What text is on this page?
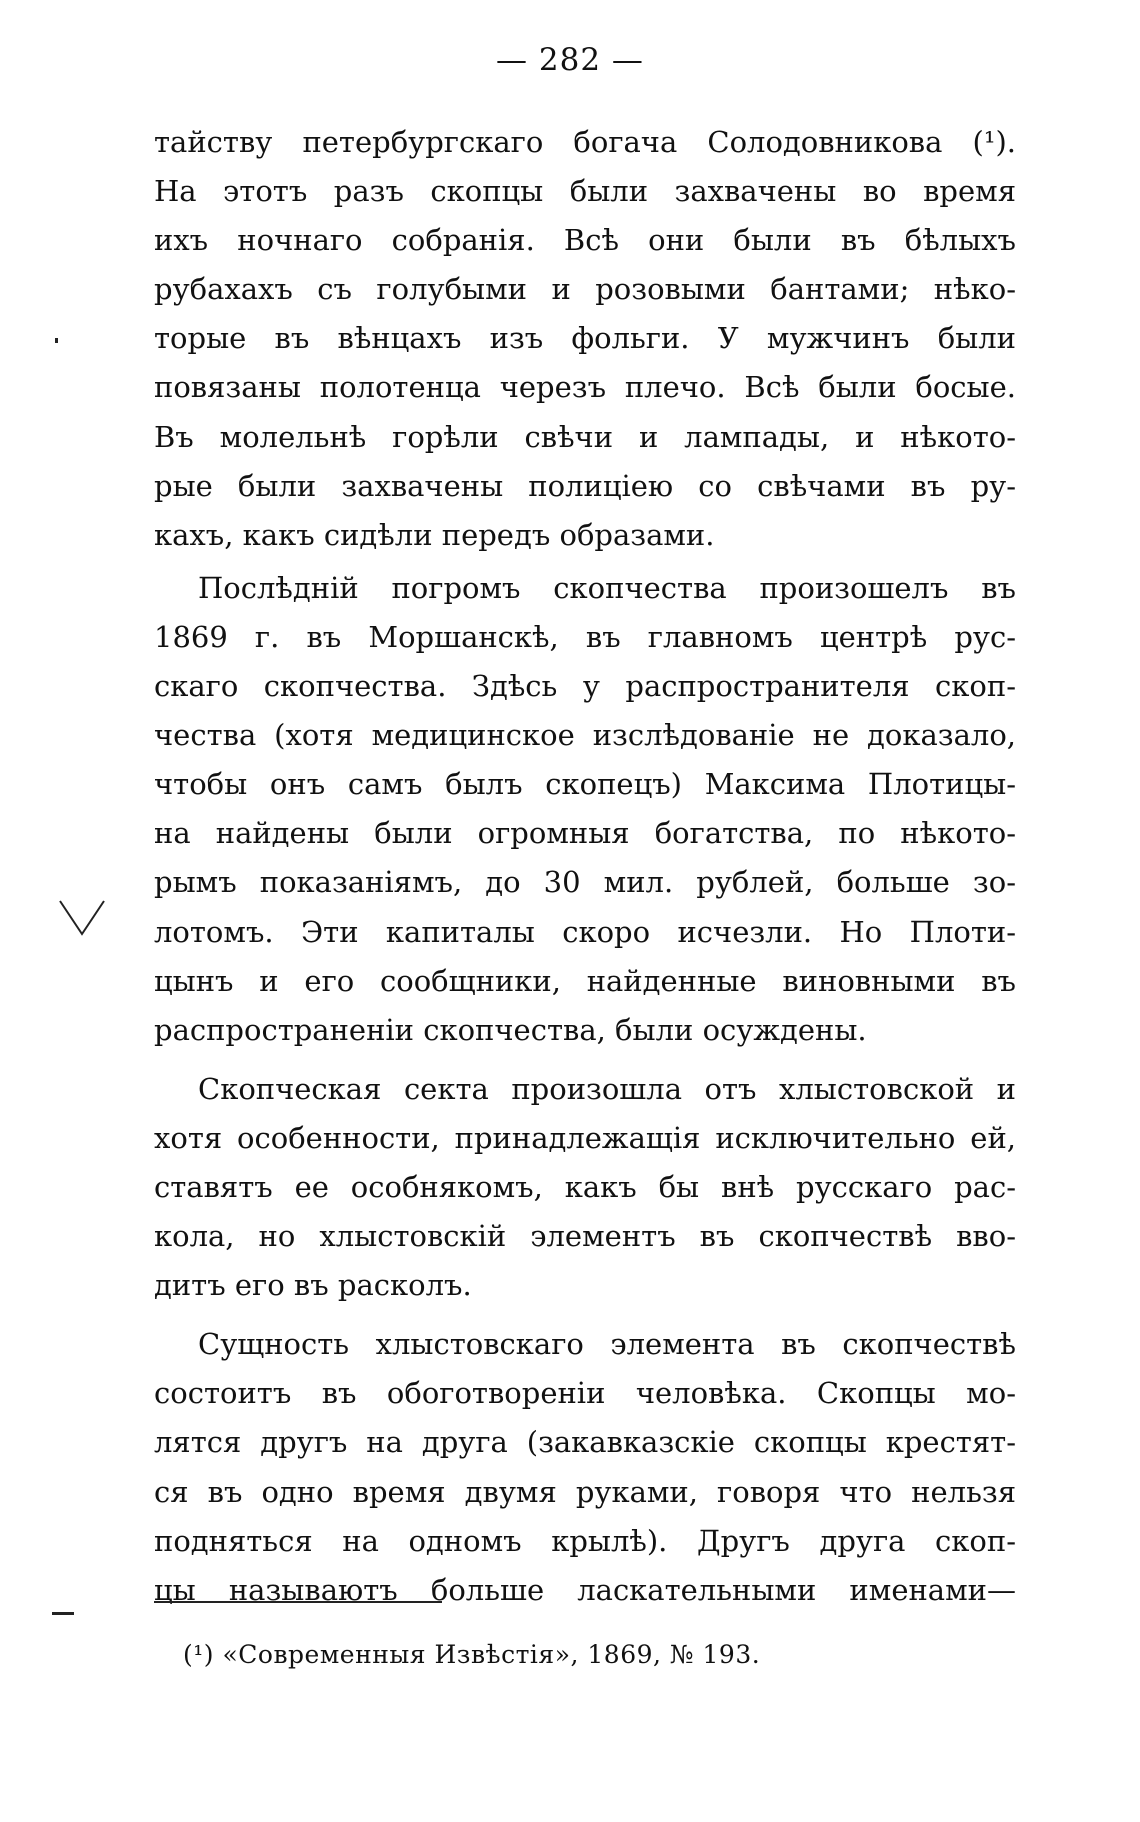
— 282 —
тайству петербургскаго богача Солодовникова (¹).
На этотъ разъ скопцы были захвачены во время
ихъ ночнаго собранія. Всѣ они были въ бѣлыхъ
рубахахъ съ голубыми и розовыми бантами; нѣко-
торые въ вѣнцахъ изъ фольги. У мужчинъ были
повязаны полотенца черезъ плечо. Всѣ были босые.
Въ молельнѣ горѣли свѣчи и лампады, и нѣкото-
рые были захвачены полиціею со свѣчами въ ру-
кахъ, какъ сидѣли передъ образами.
Послѣдній погромъ скопчества произошелъ въ
1869 г. въ Моршанскѣ, въ главномъ центрѣ рус-
скаго скопчества. Здѣсь у распространителя скоп-
чества (хотя медицинское изслѣдованіе не доказало,
чтобы онъ самъ былъ скопецъ) Максима Плотицы-
на найдены были огромныя богатства, по нѣкото-
рымъ показаніямъ, до 30 мил. рублей, больше зо-
лотомъ. Эти капиталы скоро исчезли. Но Плоти-
цынъ и его сообщники, найденные виновными въ
распространеніи скопчества, были осуждены.
Скопческая секта произошла отъ хлыстовской и
хотя особенности, принадлежащія исключительно ей,
ставятъ ее особнякомъ, какъ бы внѣ русскаго рас-
кола, но хлыстовскій элементъ въ скопчествѣ вво-
дитъ его въ расколъ.
Сущность хлыстовскаго элемента въ скопчествѣ
состоитъ въ обоготвореніи человѣка. Скопцы мо-
лятся другъ на друга (закавказскіе скопцы крестят-
ся въ одно время двумя руками, говоря что нельзя
подняться на одномъ крылѣ). Другъ друга скоп-
цы называютъ больше ласкательными именами—
(¹) «Современныя Извѣстія», 1869, № 193.
